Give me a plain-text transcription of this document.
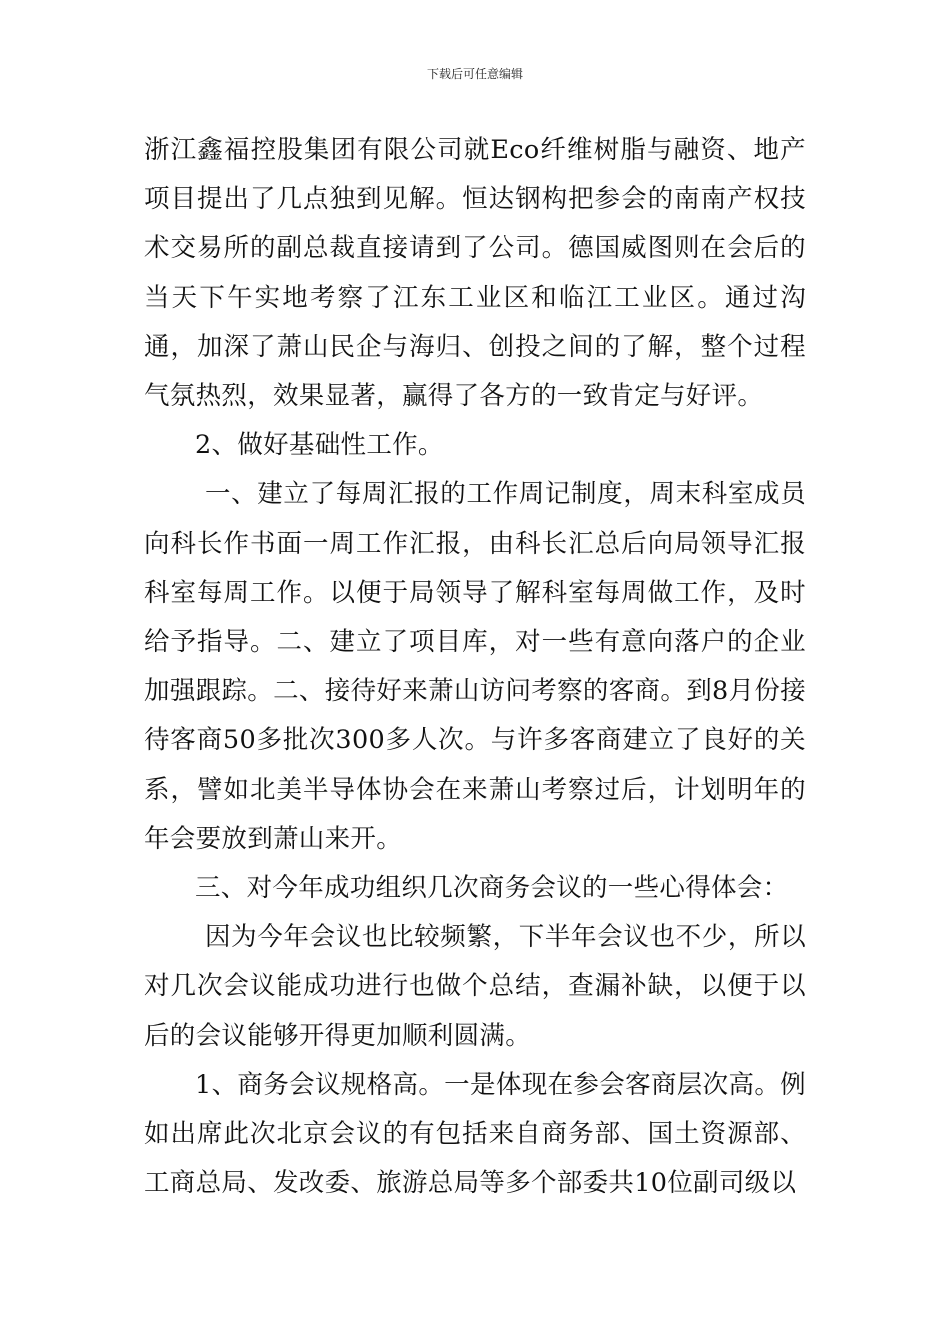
下载后可任意编辑

浙江鑫福控股集团有限公司就Eco纤维树脂与融资、地产项目提出了几点独到见解。恒达钢构把参会的南南产权技术交易所的副总裁直接请到了公司。德国威图则在会后的当天下午实地考察了江东工业区和临江工业区。通过沟通，加深了萧山民企与海归、创投之间的了解，整个过程气氛热烈，效果显著，赢得了各方的一致肯定与好评。

2、做好基础性工作。

一、建立了每周汇报的工作周记制度，周末科室成员向科长作书面一周工作汇报，由科长汇总后向局领导汇报科室每周工作。以便于局领导了解科室每周做工作，及时给予指导。二、建立了项目库，对一些有意向落户的企业加强跟踪。二、接待好来萧山访问考察的客商。到8月份接待客商50多批次300多人次。与许多客商建立了良好的关系，譬如北美半导体协会在来萧山考察过后，计划明年的年会要放到萧山来开。

三、对今年成功组织几次商务会议的一些心得体会：

因为今年会议也比较频繁，下半年会议也不少，所以对几次会议能成功进行也做个总结，查漏补缺，以便于以后的会议能够开得更加顺利圆满。

1、商务会议规格高。一是体现在参会客商层次高。例如出席此次北京会议的有包括来自商务部、国土资源部、工商总局、发改委、旅游总局等多个部委共10位副司级以
